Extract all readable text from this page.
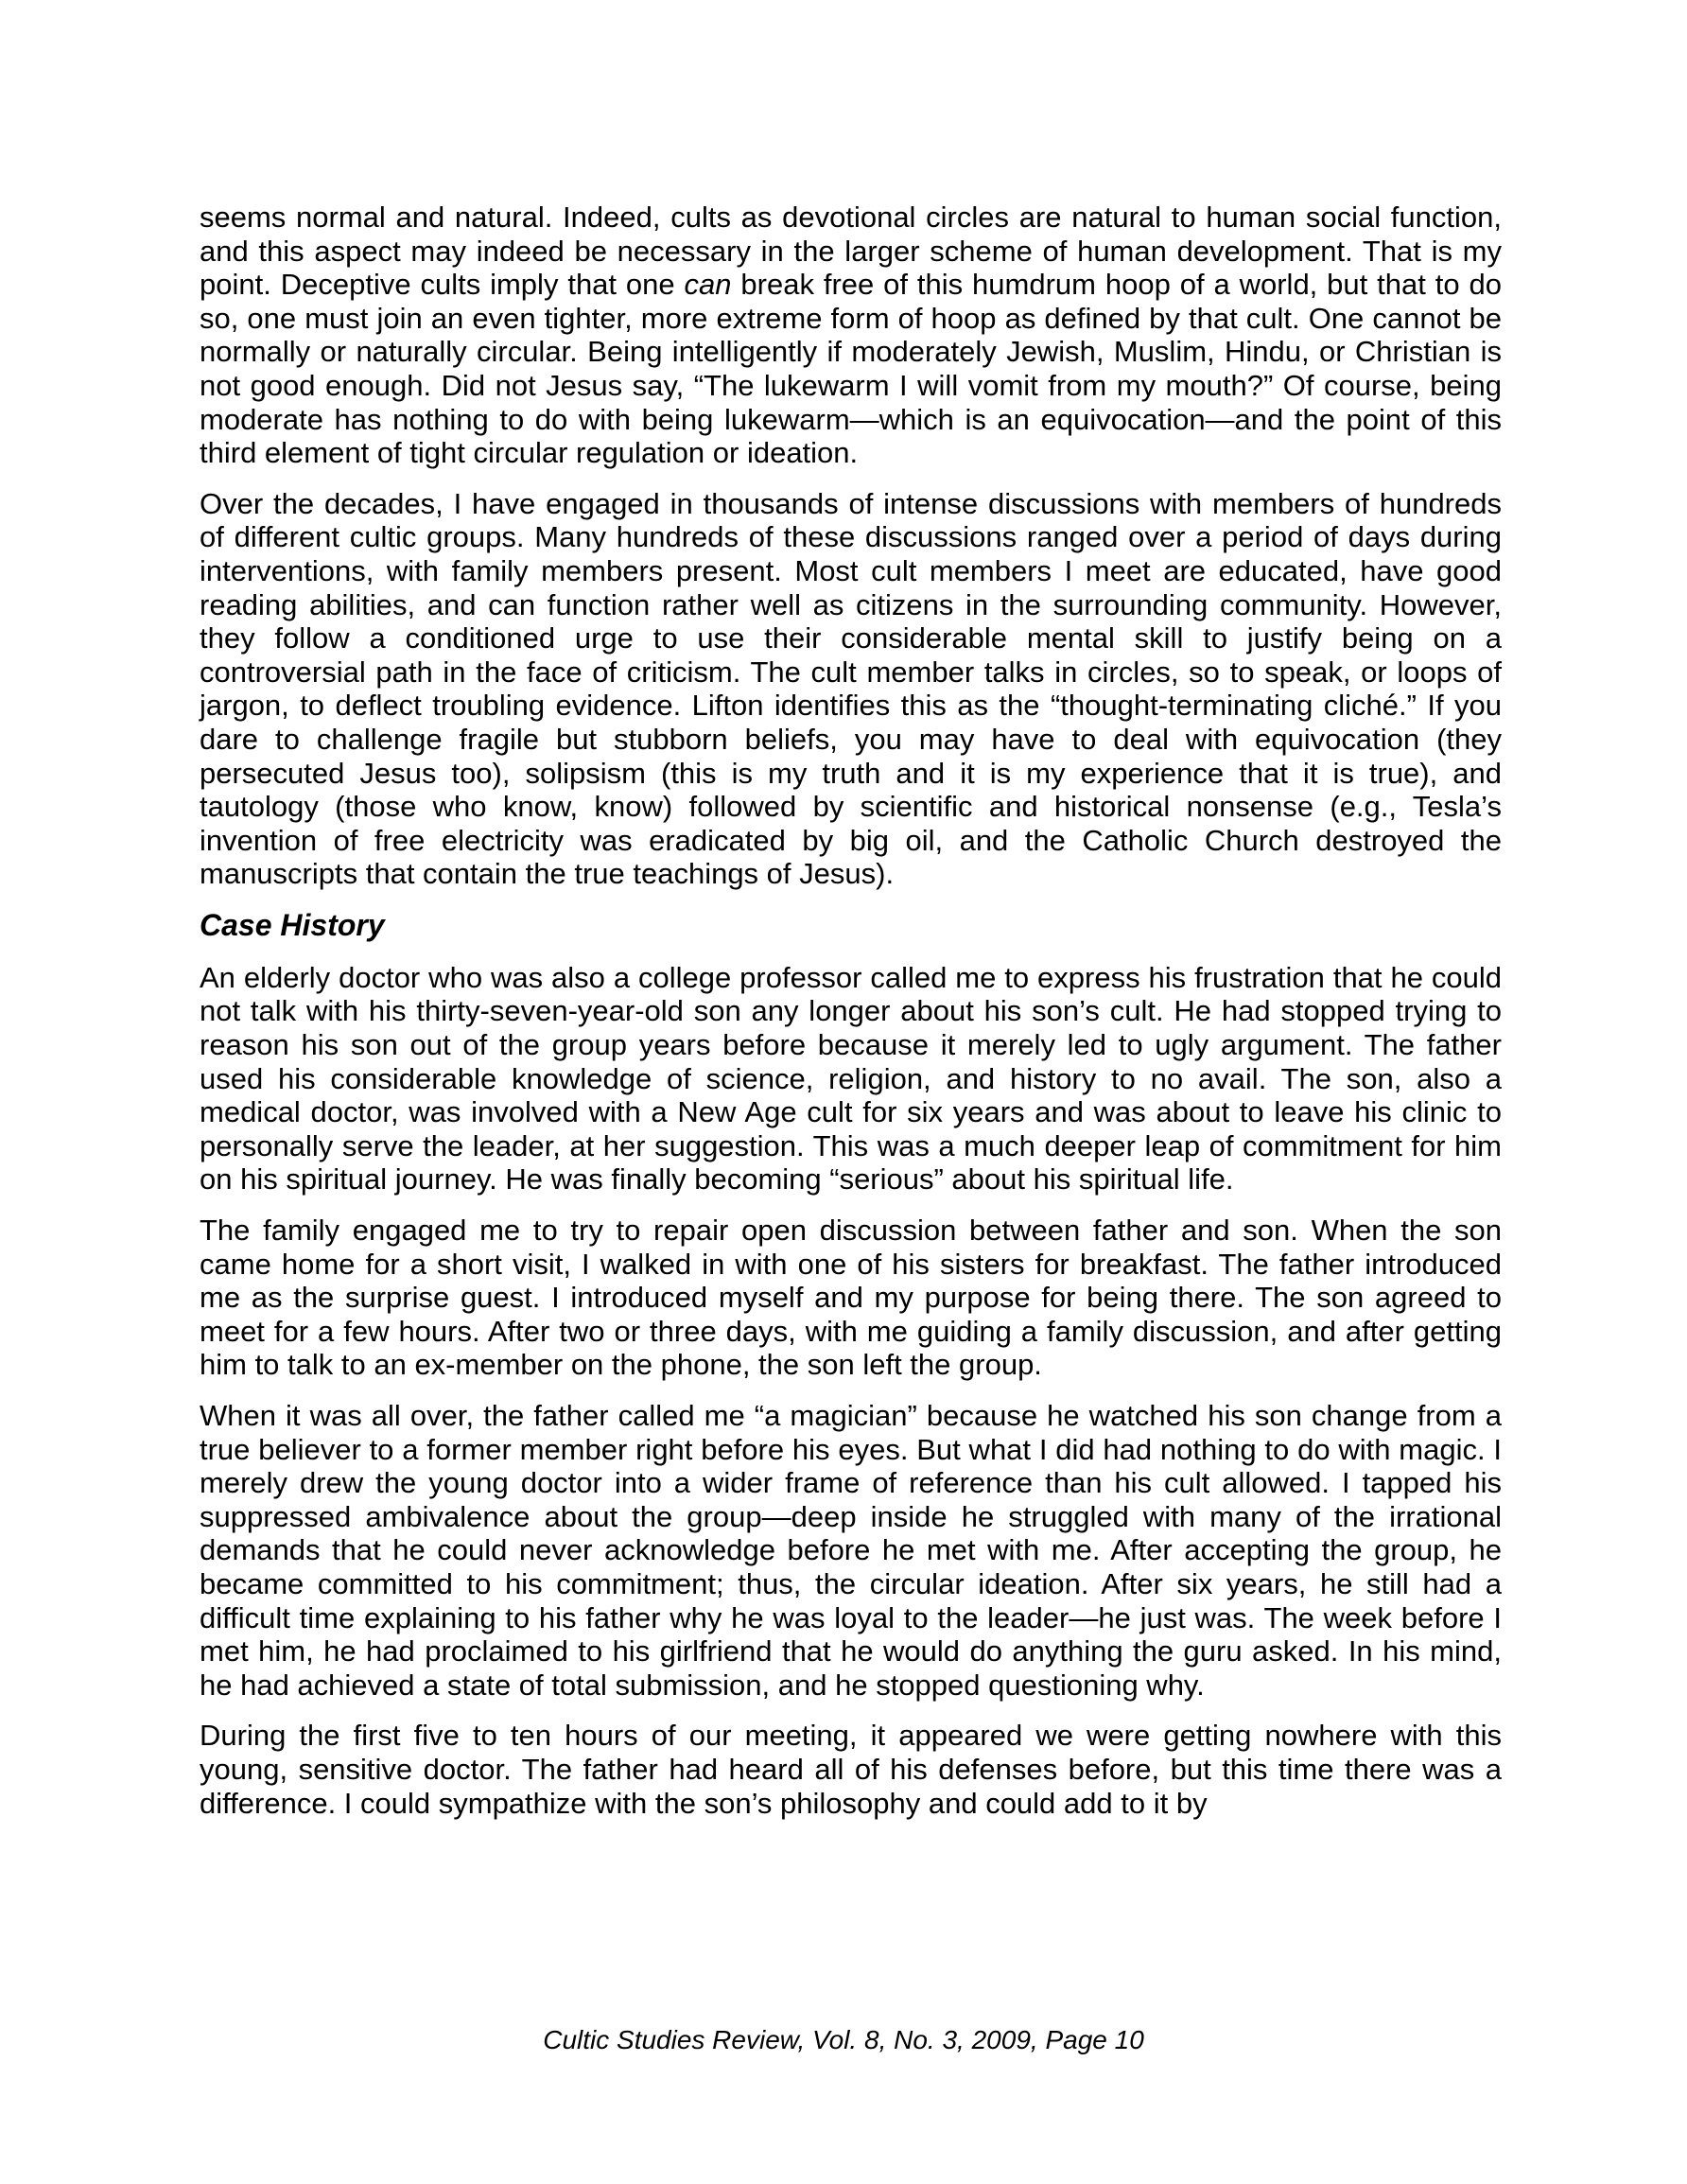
seems normal and natural. Indeed, cults as devotional circles are natural to human social function, and this aspect may indeed be necessary in the larger scheme of human development. That is my point. Deceptive cults imply that one can break free of this humdrum hoop of a world, but that to do so, one must join an even tighter, more extreme form of hoop as defined by that cult. One cannot be normally or naturally circular. Being intelligently if moderately Jewish, Muslim, Hindu, or Christian is not good enough. Did not Jesus say, “The lukewarm I will vomit from my mouth?” Of course, being moderate has nothing to do with being lukewarm—which is an equivocation—and the point of this third element of tight circular regulation or ideation.

Over the decades, I have engaged in thousands of intense discussions with members of hundreds of different cultic groups. Many hundreds of these discussions ranged over a period of days during interventions, with family members present. Most cult members I meet are educated, have good reading abilities, and can function rather well as citizens in the surrounding community. However, they follow a conditioned urge to use their considerable mental skill to justify being on a controversial path in the face of criticism. The cult member talks in circles, so to speak, or loops of jargon, to deflect troubling evidence. Lifton identifies this as the “thought-terminating cliché.” If you dare to challenge fragile but stubborn beliefs, you may have to deal with equivocation (they persecuted Jesus too), solipsism (this is my truth and it is my experience that it is true), and tautology (those who know, know) followed by scientific and historical nonsense (e.g., Tesla’s invention of free electricity was eradicated by big oil, and the Catholic Church destroyed the manuscripts that contain the true teachings of Jesus).

Case History

An elderly doctor who was also a college professor called me to express his frustration that he could not talk with his thirty-seven-year-old son any longer about his son’s cult. He had stopped trying to reason his son out of the group years before because it merely led to ugly argument. The father used his considerable knowledge of science, religion, and history to no avail. The son, also a medical doctor, was involved with a New Age cult for six years and was about to leave his clinic to personally serve the leader, at her suggestion. This was a much deeper leap of commitment for him on his spiritual journey. He was finally becoming “serious” about his spiritual life.

The family engaged me to try to repair open discussion between father and son. When the son came home for a short visit, I walked in with one of his sisters for breakfast. The father introduced me as the surprise guest. I introduced myself and my purpose for being there. The son agreed to meet for a few hours. After two or three days, with me guiding a family discussion, and after getting him to talk to an ex-member on the phone, the son left the group.

When it was all over, the father called me “a magician” because he watched his son change from a true believer to a former member right before his eyes. But what I did had nothing to do with magic. I merely drew the young doctor into a wider frame of reference than his cult allowed. I tapped his suppressed ambivalence about the group—deep inside he struggled with many of the irrational demands that he could never acknowledge before he met with me. After accepting the group, he became committed to his commitment; thus, the circular ideation. After six years, he still had a difficult time explaining to his father why he was loyal to the leader—he just was. The week before I met him, he had proclaimed to his girlfriend that he would do anything the guru asked. In his mind, he had achieved a state of total submission, and he stopped questioning why.

During the first five to ten hours of our meeting, it appeared we were getting nowhere with this young, sensitive doctor. The father had heard all of his defenses before, but this time there was a difference. I could sympathize with the son’s philosophy and could add to it by

Cultic Studies Review, Vol. 8, No. 3, 2009, Page 10
